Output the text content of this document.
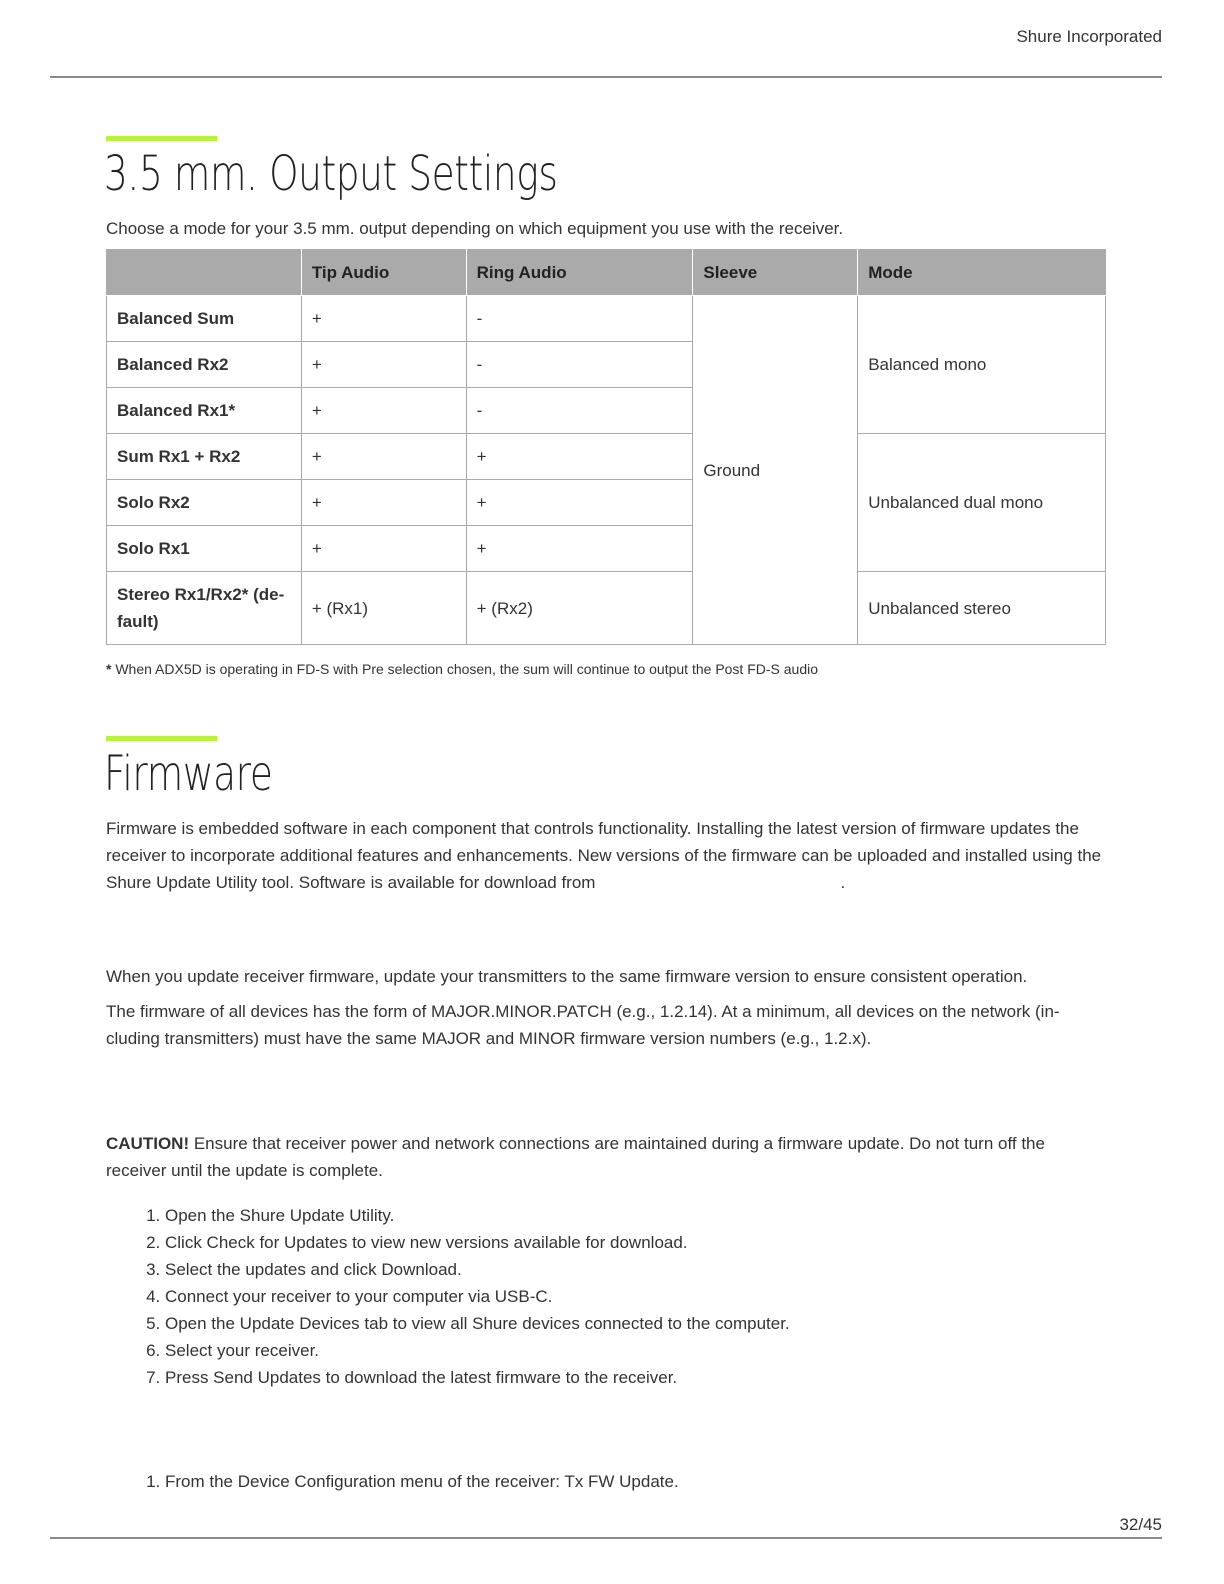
Shure Incorporated
3.5 mm. Output Settings
Choose a mode for your 3.5 mm. output depending on which equipment you use with the receiver.
	Tip Audio	Ring Audio	Sleeve	Mode
Balanced Sum	+	-	Ground	Balanced mono
Balanced Rx2	+	-		
Balanced Rx1*	+	-		
Sum Rx1 + Rx2	+	+		Unbalanced dual mono
Solo Rx2	+	+		
Solo Rx1	+	+		
Stereo Rx1/Rx2* (de-fault)	+ (Rx1)	+ (Rx2)		Unbalanced stereo
* When ADX5D is operating in FD-S with Pre selection chosen, the sum will continue to output the Post FD-S audio
Firmware
Firmware is embedded software in each component that controls functionality. Installing the latest version of firmware updates the receiver to incorporate additional features and enhancements. New versions of the firmware can be uploaded and installed using the Shure Update Utility tool. Software is available for download from	.
When you update receiver firmware, update your transmitters to the same firmware version to ensure consistent operation.
The firmware of all devices has the form of MAJOR.MINOR.PATCH (e.g., 1.2.14). At a minimum, all devices on the network (in-cluding transmitters) must have the same MAJOR and MINOR firmware version numbers (e.g., 1.2.x).
CAUTION! Ensure that receiver power and network connections are maintained during a firmware update. Do not turn off the receiver until the update is complete.
1. Open the Shure Update Utility.
2. Click Check for Updates to view new versions available for download.
3. Select the updates and click Download.
4. Connect your receiver to your computer via USB-C.
5. Open the Update Devices tab to view all Shure devices connected to the computer.
6. Select your receiver.
7. Press Send Updates to download the latest firmware to the receiver.
1. From the Device Configuration menu of the receiver: Tx FW Update.
32/45
